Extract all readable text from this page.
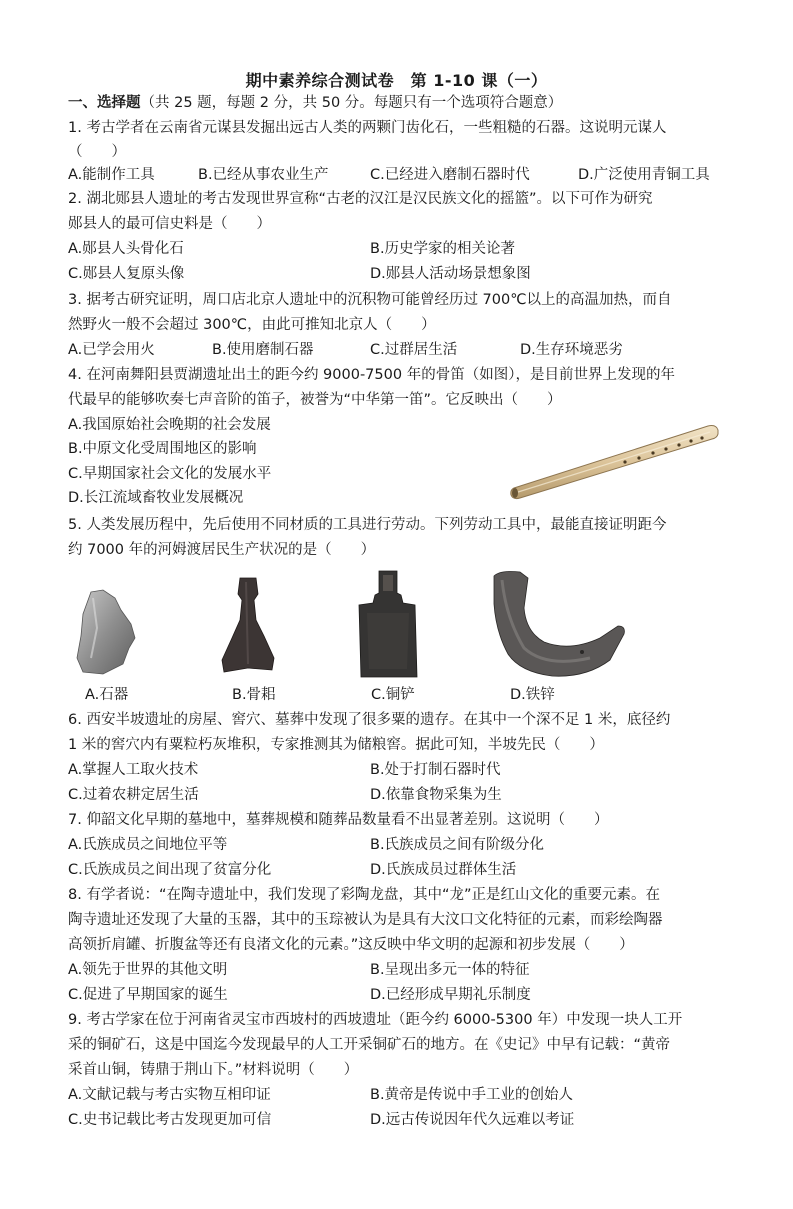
期中素养综合测试卷　第 1-10 课（一）
一、选择题（共 25 题，每题 2 分，共 50 分。每题只有一个选项符合题意）
1. 考古学者在云南省元谋县发掘出远古人类的两颗门齿化石，一些粗糙的石器。这说明元谋人
（　　）
A.能制作工具	B.已经从事农业生产	C.已经进入磨制石器时代	D.广泛使用青铜工具
2. 湖北郧县人遗址的考古发现世界宣称“古老的汉江是汉民族文化的摇篮”。以下可作为研究
郧县人的最可信史料是（　　）
A.郧县人头骨化石	B.历史学家的相关论著
C.郧县人复原头像	D.郧县人活动场景想象图
3. 据考古研究证明，周口店北京人遗址中的沉积物可能曾经历过 700℃以上的高温加热，而自
然野火一般不会超过 300℃，由此可推知北京人（　　）
A.已学会用火	B.使用磨制石器	C.过群居生活	D.生存环境恶劣
4. 在河南舞阳县贾湖遗址出土的距今约 9000-7500 年的骨笛（如图），是目前世界上发现的年
代最早的能够吹奏七声音阶的笛子，被誉为“中华第一笛”。它反映出（　　）
A.我国原始社会晚期的社会发展
B.中原文化受周围地区的影响
C.早期国家社会文化的发展水平
D.长江流域畜牧业发展概况
5. 人类发展历程中，先后使用不同材质的工具进行劳动。下列劳动工具中，最能直接证明距今
约 7000 年的河姆渡居民生产状况的是（　　）
A.石器	B.骨耜	C.铜铲	D.铁锌
6. 西安半坡遗址的房屋、窖穴、墓葬中发现了很多粟的遗存。在其中一个深不足 1 米，底径约
1 米的窖穴内有粟粒朽灰堆积，专家推测其为储粮窖。据此可知，半坡先民（　　）
A.掌握人工取火技术	B.处于打制石器时代
C.过着农耕定居生活	D.依靠食物采集为生
7. 仰韶文化早期的墓地中，墓葬规模和随葬品数量看不出显著差别。这说明（　　）
A.氏族成员之间地位平等	B.氏族成员之间有阶级分化
C.氏族成员之间出现了贫富分化	D.氏族成员过群体生活
8. 有学者说：“在陶寺遗址中，我们发现了彩陶龙盘，其中“龙”正是红山文化的重要元素。在
陶寺遗址还发现了大量的玉器，其中的玉琮被认为是具有大汶口文化特征的元素，而彩绘陶器
高领折肩罐、折腹盆等还有良渚文化的元素。”这反映中华文明的起源和初步发展（　　）
A.领先于世界的其他文明	B.呈现出多元一体的特征
C.促进了早期国家的诞生	D.已经形成早期礼乐制度
9. 考古学家在位于河南省灵宝市西坡村的西坡遗址（距今约 6000-5300 年）中发现一块人工开
采的铜矿石，这是中国迄今发现最早的人工开采铜矿石的地方。在《史记》中早有记载：“黄帝
采首山铜，铸鼎于荆山下。”材料说明（　　）
A.文献记载与考古实物互相印证	B.黄帝是传说中手工业的创始人
C.史书记载比考古发现更加可信	D.远古传说因年代久远难以考证
